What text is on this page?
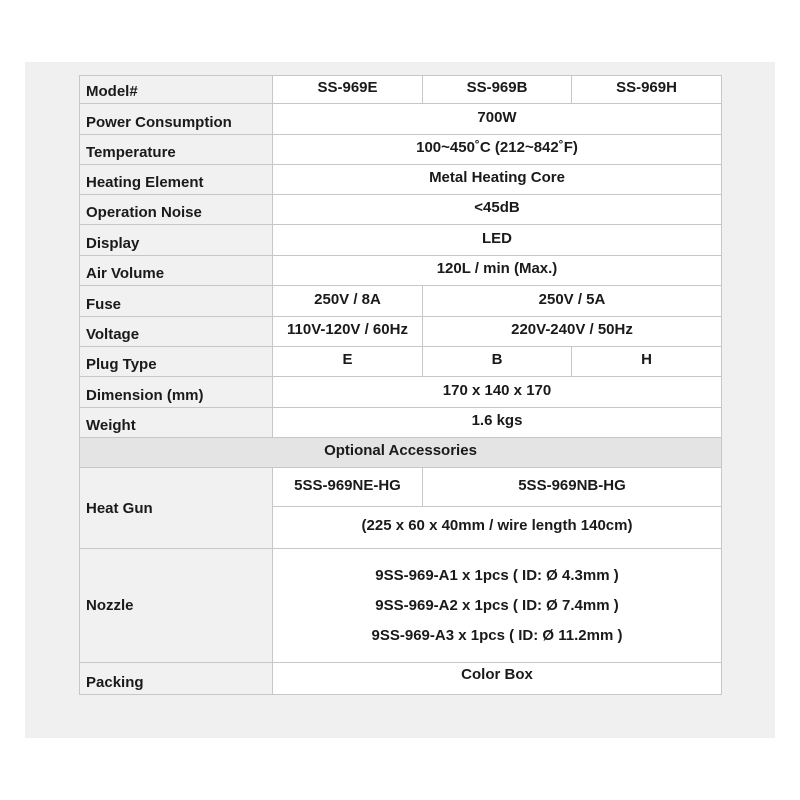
Model#	SS-969E	SS-969B	SS-969H
Power Consumption	700W		
Temperature	100~450˚C (212~842˚F)		
Heating Element	Metal Heating Core		
Operation Noise	<45dB		
Display	LED		
Air Volume	120L / min (Max.)		
Fuse	250V / 8A	250V / 5A	
Voltage	110V-120V / 60Hz	220V-240V / 50Hz	
Plug Type	E	B	H
Dimension (mm)	170 x 140 x 170		
Weight	1.6 kgs		
Optional Accessories			
Heat Gun	5SS-969NE-HG	5SS-969NB-HG	
	(225 x 60 x 40mm / wire length 140cm)		
Nozzle	9SS-969-A1 x 1pcs ( ID: Ø 4.3mm )
9SS-969-A2 x 1pcs ( ID: Ø 7.4mm )
9SS-969-A3 x 1pcs ( ID: Ø 11.2mm )		

Packing	Color Box		
